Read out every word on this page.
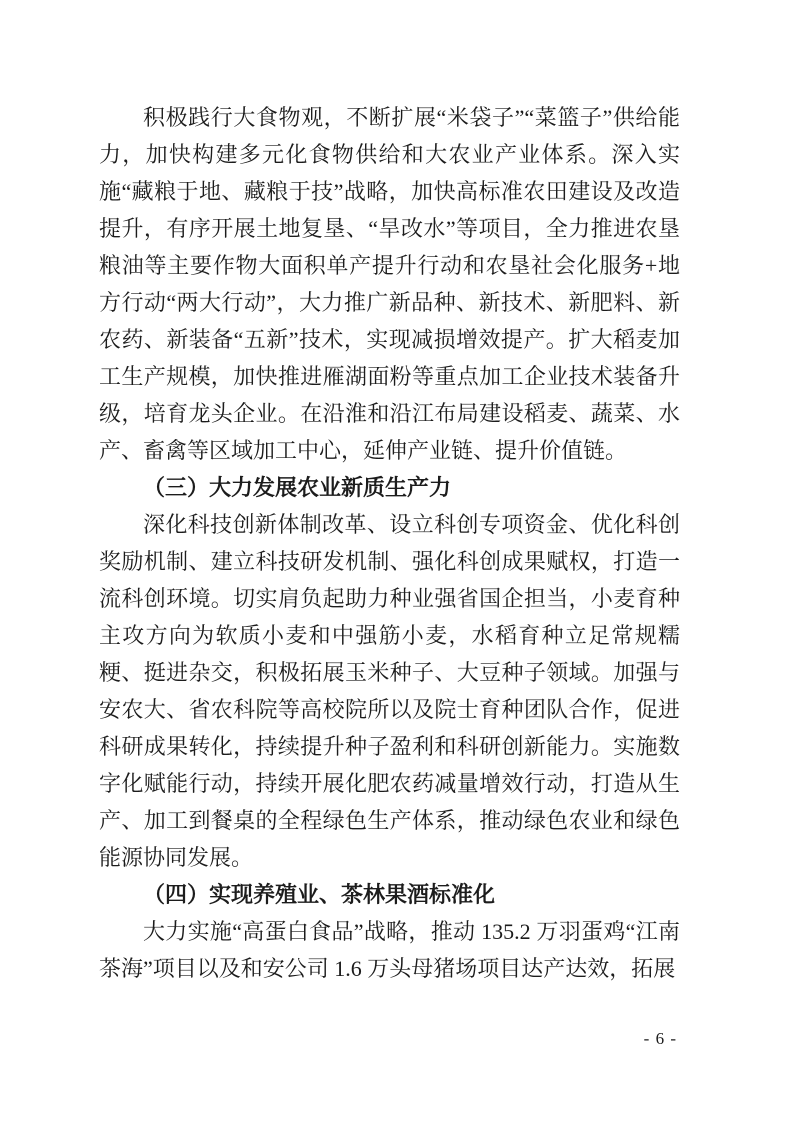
积极践行大食物观，不断扩展“米袋子”“菜篮子”供给能力，加快构建多元化食物供给和大农业产业体系。深入实施“藏粮于地、藏粮于技”战略，加快高标准农田建设及改造提升，有序开展土地复垦、“旱改水”等项目，全力推进农垦粮油等主要作物大面积单产提升行动和农垦社会化服务+地方行动“两大行动”，大力推广新品种、新技术、新肥料、新农药、新装备“五新”技术，实现减损增效提产。扩大稻麦加工生产规模，加快推进雁湖面粉等重点加工企业技术装备升级，培育龙头企业。在沿淮和沿江布局建设稻麦、蔬菜、水产、畜禽等区域加工中心，延伸产业链、提升价值链。
（三）大力发展农业新质生产力
深化科技创新体制改革、设立科创专项资金、优化科创奖励机制、建立科技研发机制、强化科创成果赋权，打造一流科创环境。切实肩负起助力种业强省国企担当，小麦育种主攻方向为软质小麦和中强筋小麦，水稻育种立足常规糯粳、挺进杂交，积极拓展玉米种子、大豆种子领域。加强与安农大、省农科院等高校院所以及院士育种团队合作，促进科研成果转化，持续提升种子盈利和科研创新能力。实施数字化赋能行动，持续开展化肥农药减量增效行动，打造从生产、加工到餐桌的全程绿色生产体系，推动绿色农业和绿色能源协同发展。
（四）实现养殖业、茶林果酒标准化
大力实施“高蛋白食品”战略，推动 135.2 万羽蛋鸡“江南茶海”项目以及和安公司 1.6 万头母猪场项目达产达效，拓展
- 6 -
